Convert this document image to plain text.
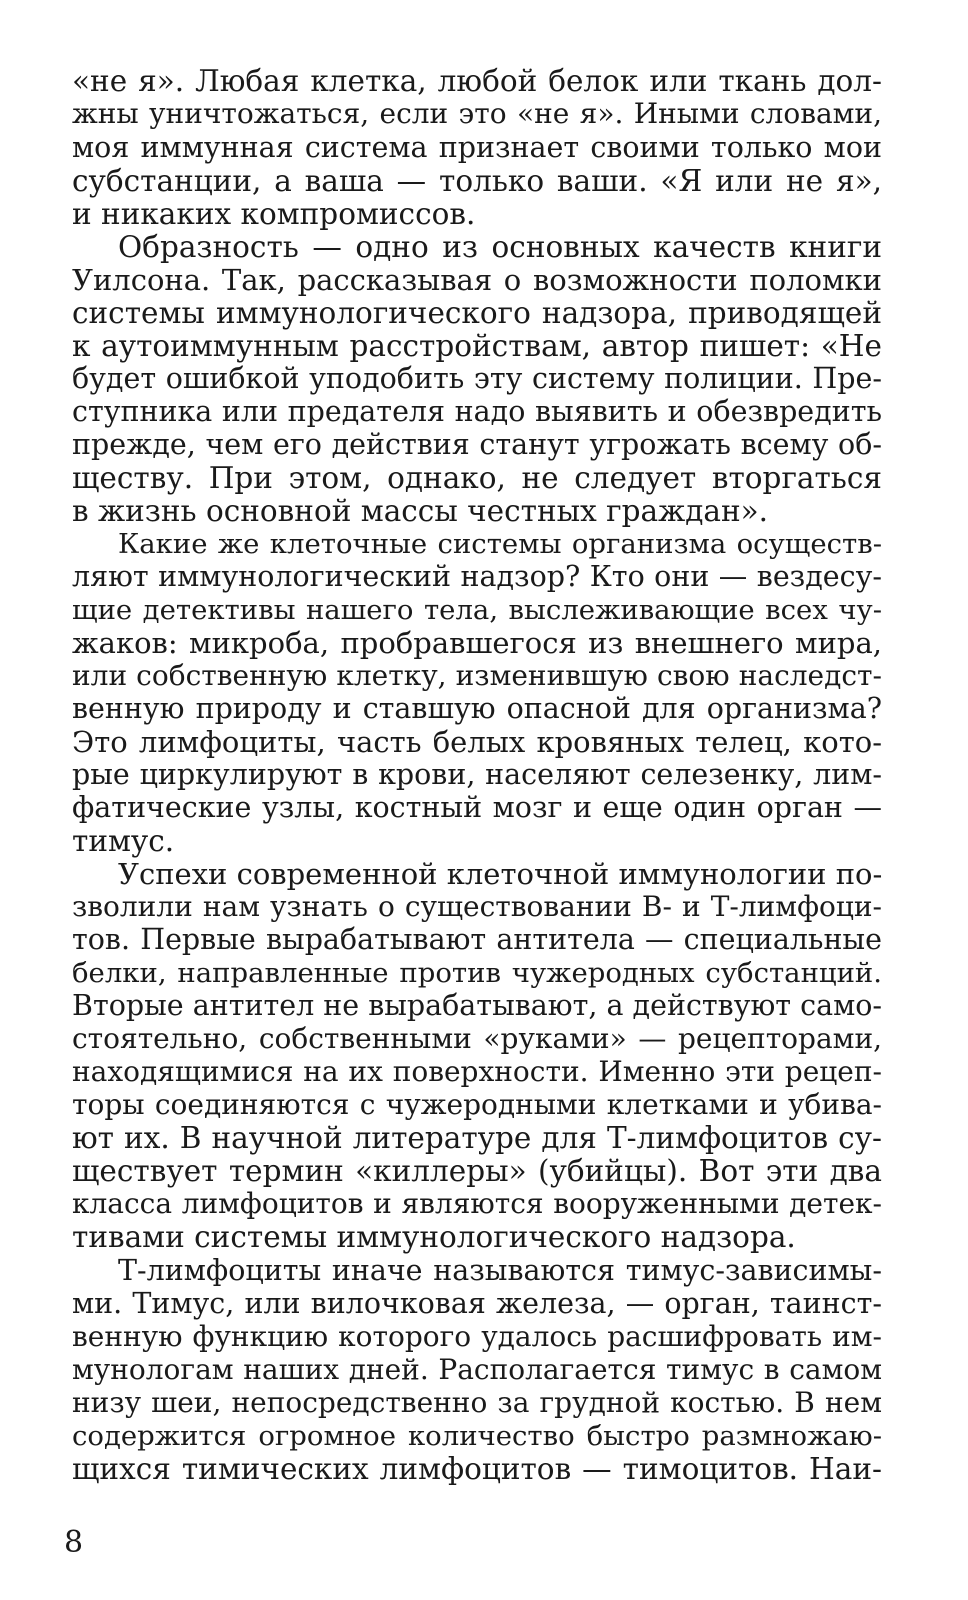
«не я». Любая клетка, любой белок или ткань дол-
жны уничтожаться, если это «не я». Иными словами,
моя иммунная система признает своими только мои
субстанции, а ваша — только ваши. «Я или не я»,
и никаких компромиссов.
Образность — одно из основных качеств книги
Уилсона. Так, рассказывая о возможности поломки
системы иммунологического надзора, приводящей
к аутоиммунным расстройствам, автор пишет: «Не
будет ошибкой уподобить эту систему полиции. Пре-
ступника или предателя надо выявить и обезвредить
прежде, чем его действия станут угрожать всему об-
ществу. При этом, однако, не следует вторгаться
в жизнь основной массы честных граждан».
Какие же клеточные системы организма осуществ-
ляют иммунологический надзор? Кто они — вездесу-
щие детективы нашего тела, выслеживающие всех чу-
жаков: микроба, пробравшегося из внешнего мира,
или собственную клетку, изменившую свою наследст-
венную природу и ставшую опасной для организма?
Это лимфоциты, часть белых кровяных телец, кото-
рые циркулируют в крови, населяют селезенку, лим-
фатические узлы, костный мозг и еще один орган —
тимус.
Успехи современной клеточной иммунологии по-
зволили нам узнать о существовании В- и Т-лимфоци-
тов. Первые вырабатывают антитела — специальные
белки, направленные против чужеродных субстанций.
Вторые антител не вырабатывают, а действуют само-
стоятельно, собственными «руками» — рецепторами,
находящимися на их поверхности. Именно эти рецеп-
торы соединяются с чужеродными клетками и убива-
ют их. В научной литературе для Т-лимфоцитов су-
ществует термин «киллеры» (убийцы). Вот эти два
класса лимфоцитов и являются вооруженными детек-
тивами системы иммунологического надзора.
Т-лимфоциты иначе называются тимус-зависимы-
ми. Тимус, или вилочковая железа, — орган, таинст-
венную функцию которого удалось расшифровать им-
мунологам наших дней. Располагается тимус в самом
низу шеи, непосредственно за грудной костью. В нем
содержится огромное количество быстро размножаю-
щихся тимических лимфоцитов — тимоцитов. Наи-
8
